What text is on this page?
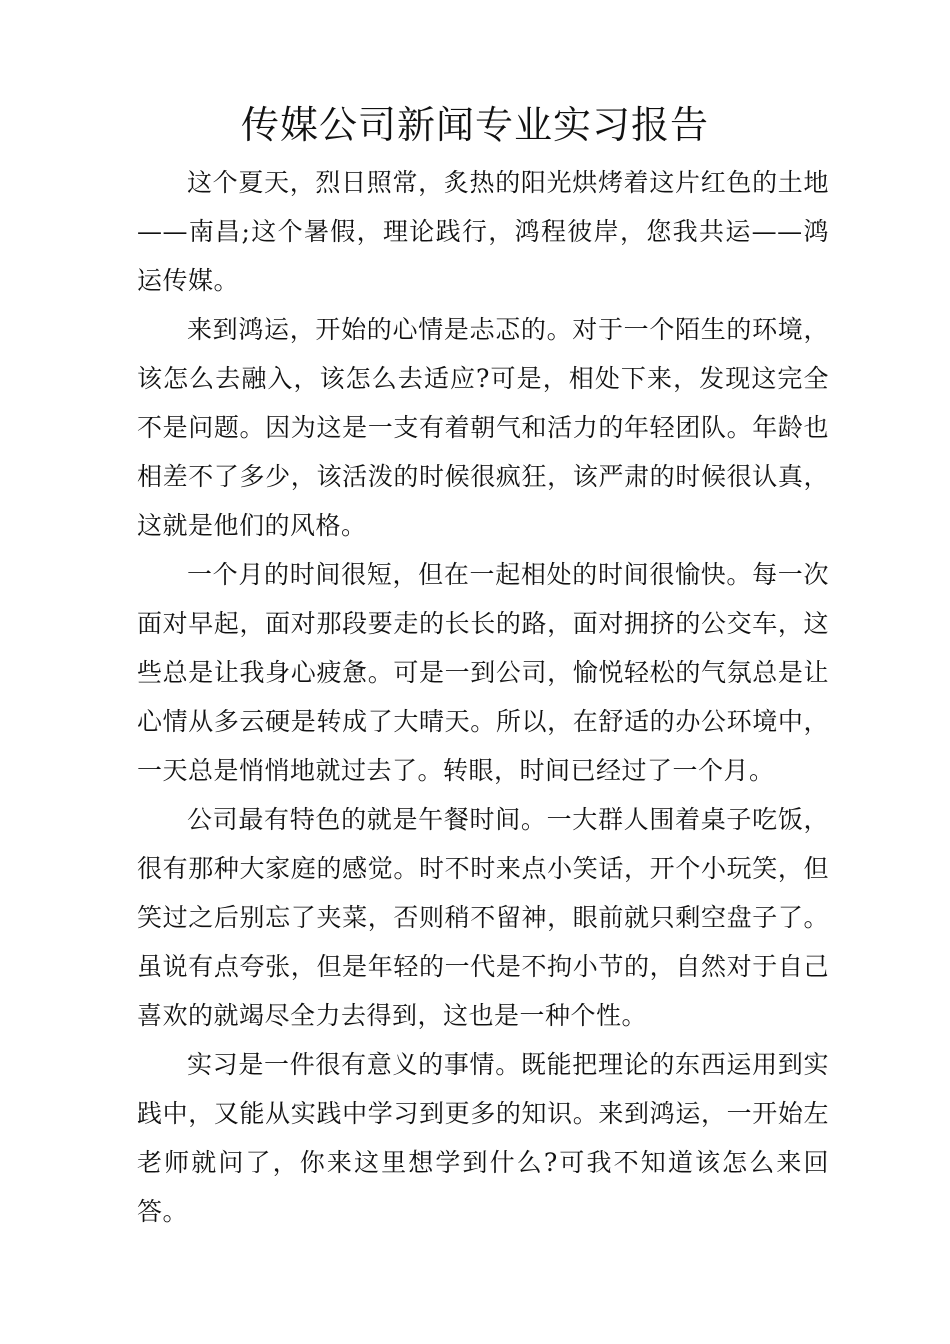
传媒公司新闻专业实习报告

这个夏天，烈日照常，炙热的阳光烘烤着这片红色的土地——南昌;这个暑假，理论践行，鸿程彼岸，您我共运——鸿运传媒。

来到鸿运，开始的心情是忐忑的。对于一个陌生的环境，该怎么去融入，该怎么去适应?可是，相处下来，发现这完全不是问题。因为这是一支有着朝气和活力的年轻团队。年龄也相差不了多少，该活泼的时候很疯狂，该严肃的时候很认真，这就是他们的风格。

一个月的时间很短，但在一起相处的时间很愉快。每一次面对早起，面对那段要走的长长的路，面对拥挤的公交车，这些总是让我身心疲惫。可是一到公司，愉悦轻松的气氛总是让心情从多云硬是转成了大晴天。所以，在舒适的办公环境中，一天总是悄悄地就过去了。转眼，时间已经过了一个月。

公司最有特色的就是午餐时间。一大群人围着桌子吃饭，很有那种大家庭的感觉。时不时来点小笑话，开个小玩笑，但笑过之后别忘了夹菜，否则稍不留神，眼前就只剩空盘子了。虽说有点夸张，但是年轻的一代是不拘小节的，自然对于自己喜欢的就竭尽全力去得到，这也是一种个性。

实习是一件很有意义的事情。既能把理论的东西运用到实践中，又能从实践中学习到更多的知识。来到鸿运，一开始左老师就问了，你来这里想学到什么?可我不知道该怎么来回答。
